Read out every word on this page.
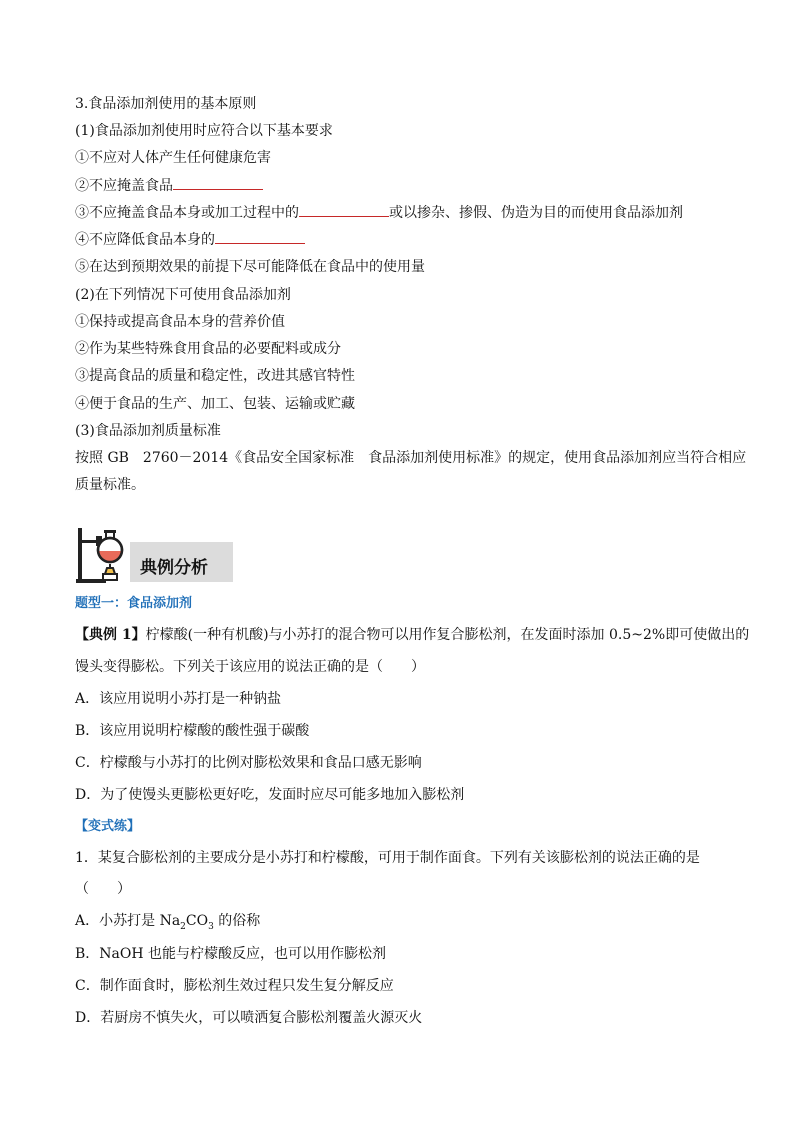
3.食品添加剂使用的基本原则
(1)食品添加剂使用时应符合以下基本要求
①不应对人体产生任何健康危害
②不应掩盖食品
③不应掩盖食品本身或加工过程中的	或以掺杂、掺假、伪造为目的而使用食品添加剂
④不应降低食品本身的
⑤在达到预期效果的前提下尽可能降低在食品中的使用量
(2)在下列情况下可使用食品添加剂
①保持或提高食品本身的营养价值
②作为某些特殊食用食品的必要配料或成分
③提高食品的质量和稳定性，改进其感官特性
④便于食品的生产、加工、包装、运输或贮藏
(3)食品添加剂质量标准
按照 GB　2760－2014《食品安全国家标准　食品添加剂使用标准》的规定，使用食品添加剂应当符合相应
质量标准。
典例分析
题型一：食品添加剂
【典例 1】柠檬酸(一种有机酸)与小苏打的混合物可以用作复合膨松剂，在发面时添加 0.5~2%即可使做出的
馒头变得膨松。下列关于该应用的说法正确的是（　　）
A．该应用说明小苏打是一种钠盐
B．该应用说明柠檬酸的酸性强于碳酸
C．柠檬酸与小苏打的比例对膨松效果和食品口感无影响
D．为了使馒头更膨松更好吃，发面时应尽可能多地加入膨松剂
【变式练】
1．某复合膨松剂的主要成分是小苏打和柠檬酸，可用于制作面食。下列有关该膨松剂的说法正确的是
（　　）
A．小苏打是 $Na_2CO_3$ 的俗称
B．NaOH 也能与柠檬酸反应，也可以用作膨松剂
C．制作面食时，膨松剂生效过程只发生复分解反应
D．若厨房不慎失火，可以喷洒复合膨松剂覆盖火源灭火
